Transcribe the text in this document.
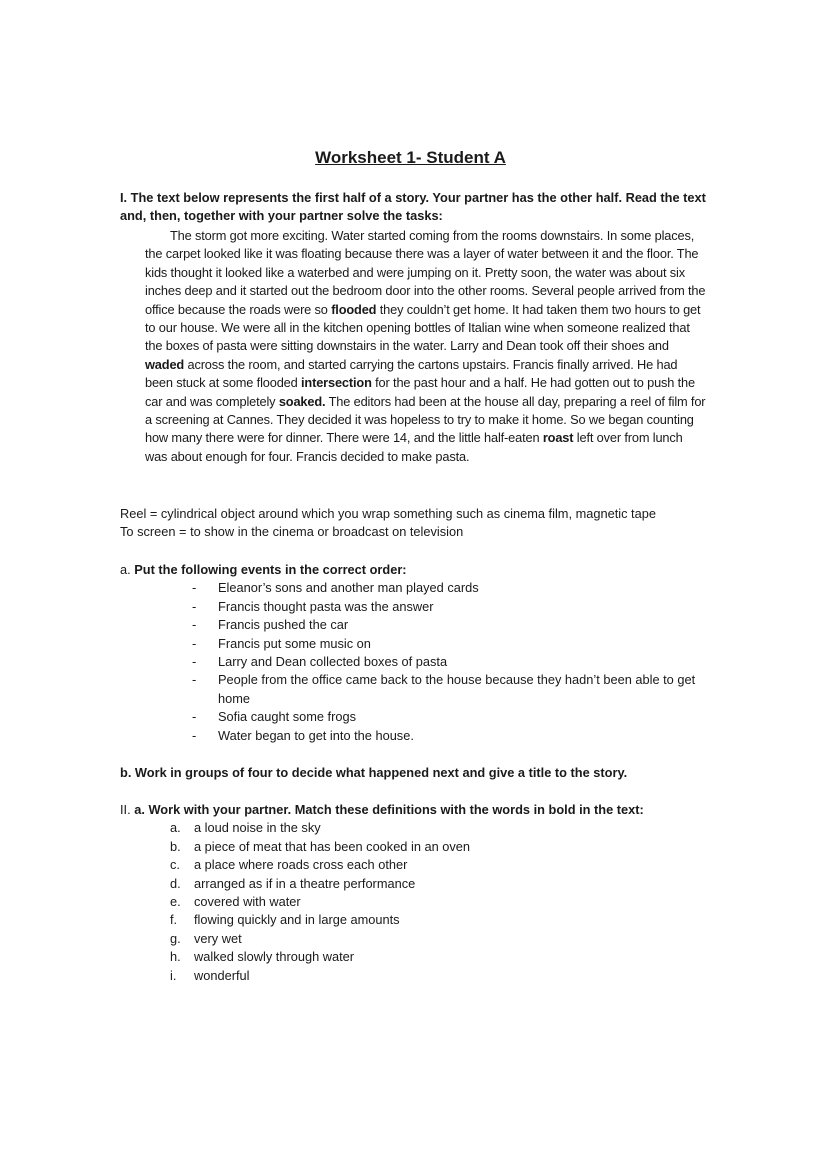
Worksheet 1- Student A
I. The text below represents the first half of a story. Your partner has the other half. Read the text and, then, together with your partner solve the tasks:

The storm got more exciting. Water started coming from the rooms downstairs. In some places, the carpet looked like it was floating because there was a layer of water between it and the floor. The kids thought it looked like a waterbed and were jumping on it. Pretty soon, the water was about six inches deep and it started out the bedroom door into the other rooms. Several people arrived from the office because the roads were so flooded they couldn’t get home. It had taken them two hours to get to our house. We were all in the kitchen opening bottles of Italian wine when someone realized that the boxes of pasta were sitting downstairs in the water. Larry and Dean took off their shoes and waded across the room, and started carrying the cartons upstairs. Francis finally arrived. He had been stuck at some flooded intersection for the past hour and a half. He had gotten out to push the car and was completely soaked. The editors had been at the house all day, preparing a reel of film for a screening at Cannes. They decided it was hopeless to try to make it home. So we began counting how many there were for dinner. There were 14, and the little half-eaten roast left over from lunch was about enough for four. Francis decided to make pasta.

Reel = cylindrical object around which you wrap something such as cinema film, magnetic tape
To screen = to show in the cinema or broadcast on television
a. Put the following events in the correct order:
- Eleanor’s sons and another man played cards
- Francis thought pasta was the answer
- Francis pushed the car
- Francis put some music on
- Larry and Dean collected boxes of pasta
- People from the office came back to the house because they hadn’t been able to get home
- Sofia caught some frogs
- Water began to get into the house.
b. Work in groups of four to decide what happened next and give a title to the story.
II. a. Work with your partner. Match these definitions with the words in bold in the text:
a. a loud noise in the sky
b. a piece of meat that has been cooked in an oven
c. a place where roads cross each other
d. arranged as if in a theatre performance
e. covered with water
f. flowing quickly and in large amounts
g. very wet
h. walked slowly through water
i. wonderful
